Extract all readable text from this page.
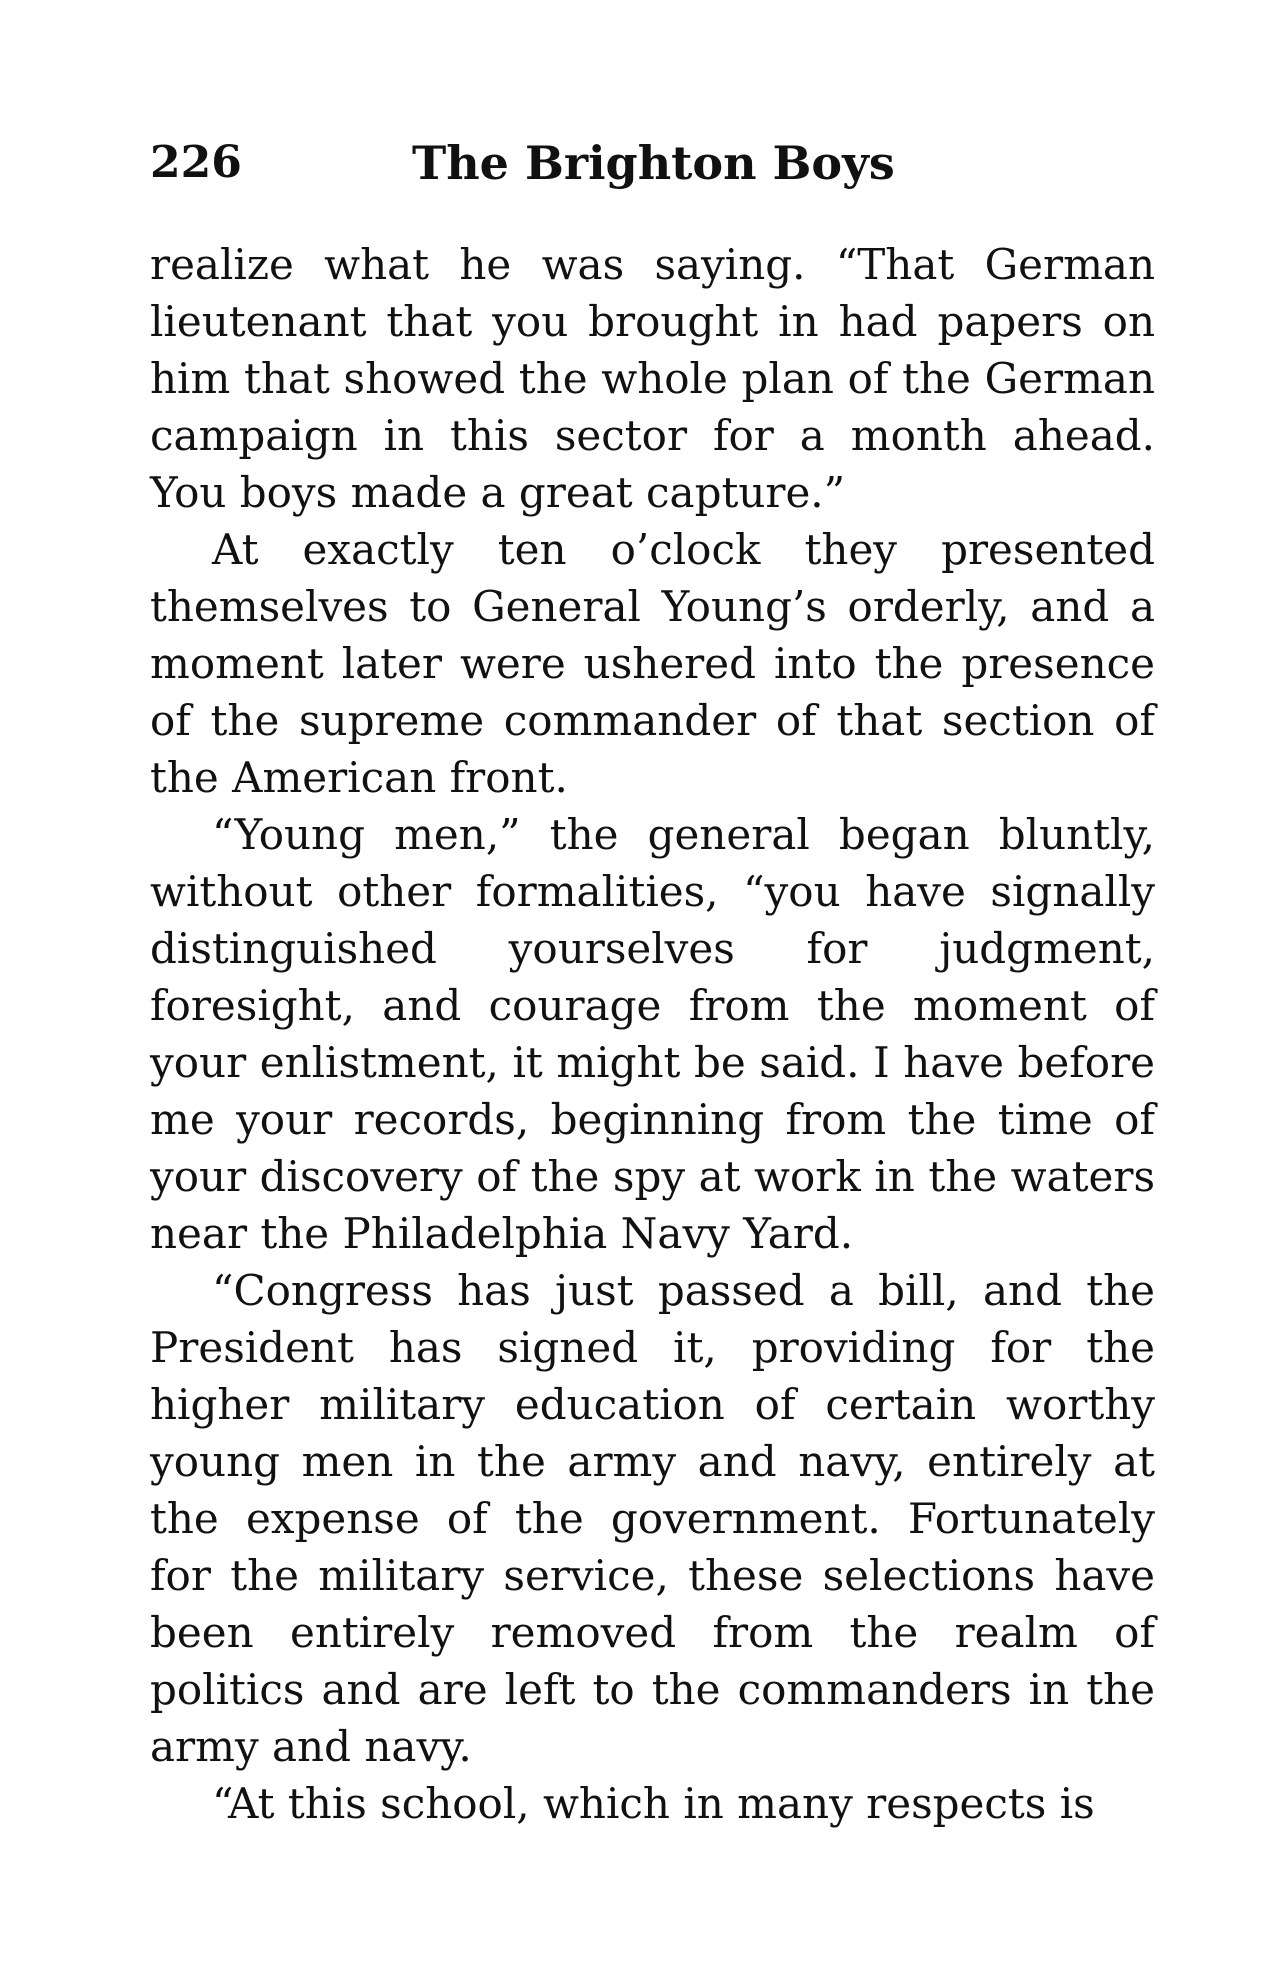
226	The Brighton Boys

realize what he was saying. “That German lieutenant that you brought in had papers on him that showed the whole plan of the German campaign in this sector for a month ahead. You boys made a great capture.”

At exactly ten o’clock they presented themselves to General Young’s orderly, and a moment later were ushered into the presence of the supreme commander of that section of the American front.

“Young men,” the general began bluntly, without other formalities, “you have signally distinguished yourselves for judgment, foresight, and courage from the moment of your enlistment, it might be said. I have before me your records, beginning from the time of your discovery of the spy at work in the waters near the Philadelphia Navy Yard.

“Congress has just passed a bill, and the President has signed it, providing for the higher military education of certain worthy young men in the army and navy, entirely at the expense of the government. Fortunately for the military service, these selections have been entirely removed from the realm of politics and are left to the commanders in the army and navy.

“At this school, which in many respects is
